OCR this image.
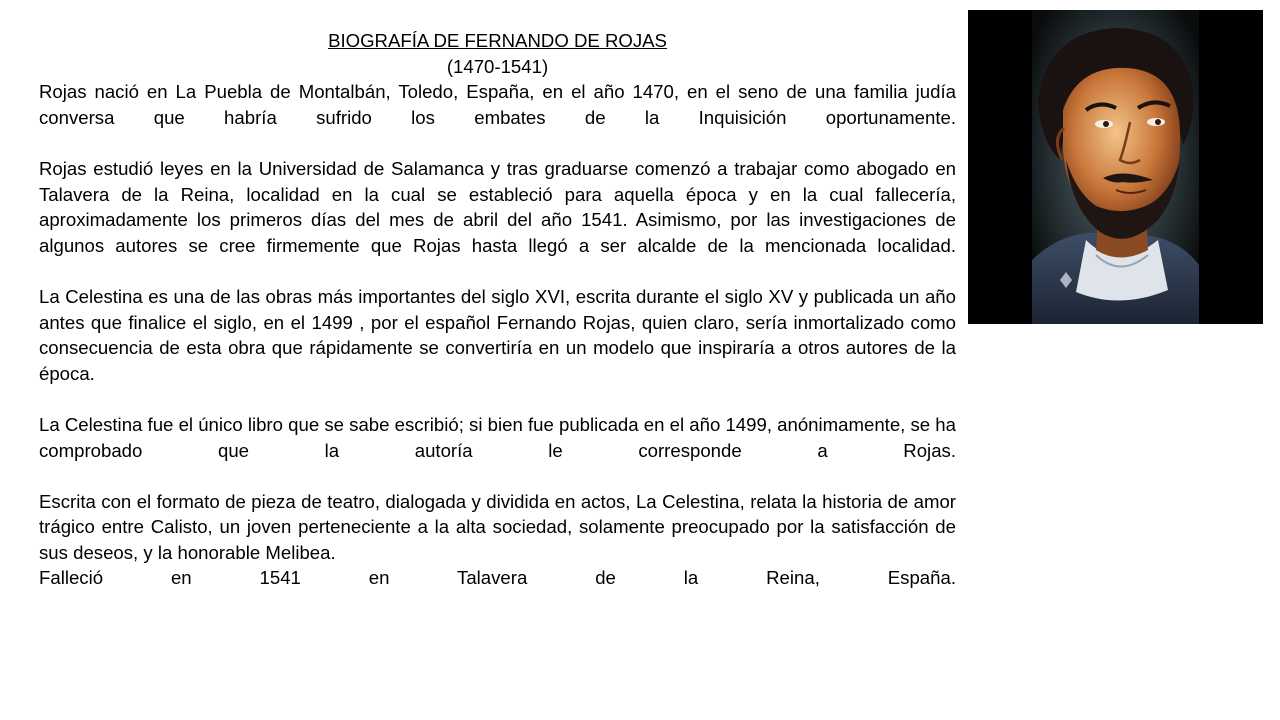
BIOGRAFÍA DE FERNANDO DE ROJAS

(1470-1541)

Rojas nació en La Puebla de Montalbán, Toledo, España, en el año 1470, en el seno de una familia judía conversa que habría sufrido los embates de la Inquisición oportunamente.

Rojas estudió leyes en la Universidad de Salamanca y tras graduarse comenzó a trabajar como abogado en Talavera de la Reina, localidad en la cual se estableció para aquella época y en la cual fallecería, aproximadamente los primeros días del mes de abril del año 1541. Asimismo, por las investigaciones de algunos autores se cree firmemente que Rojas hasta llegó a ser alcalde de la mencionada localidad.

La Celestina es una de las obras más importantes del siglo XVI, escrita durante el siglo XV y publicada un año antes que finalice el siglo, en el 1499 , por el español Fernando Rojas, quien claro, sería inmortalizado como consecuencia de esta obra que rápidamente se convertiría en un modelo que inspiraría a otros autores de la época.

La Celestina fue el único libro que se sabe escribió; si bien fue publicada en el año 1499, anónimamente, se ha comprobado que la autoría le corresponde a Rojas.

Escrita con el formato de pieza de teatro, dialogada y dividida en actos, La Celestina, relata la historia de amor trágico entre Calisto, un joven perteneciente a la alta sociedad, solamente preocupado por la satisfacción de sus deseos, y la honorable Melibea.

Falleció en 1541 en Talavera de la Reina, España.
